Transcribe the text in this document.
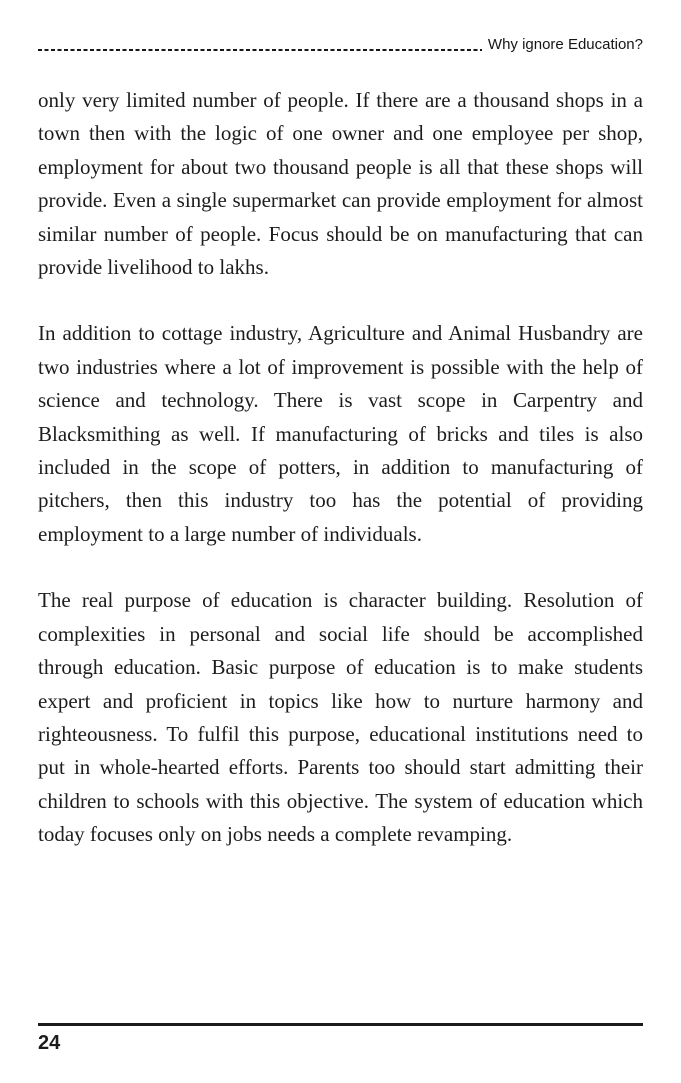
Why ignore Education?

only very limited number of people. If there are a thousand shops in a town then with the logic of one owner and one employee per shop, employment for about two thousand people is all that these shops will provide. Even a single supermarket can provide employment for almost similar number of people. Focus should be on manufacturing that can provide livelihood to lakhs.

In addition to cottage industry, Agriculture and Animal Husbandry are two industries where a lot of improvement is possible with the help of science and technology. There is vast scope in Carpentry and Blacksmithing as well. If manufacturing of bricks and tiles is also included in the scope of potters, in addition to manufacturing of pitchers, then this industry too has the potential of providing employment to a large number of individuals.

The real purpose of education is character building. Resolution of complexities in personal and social life should be accomplished through education. Basic purpose of education is to make students expert and proficient in topics like how to nurture harmony and righteousness. To fulfil this purpose, educational institutions need to put in whole-hearted efforts. Parents too should start admitting their children to schools with this objective. The system of education which today focuses only on jobs needs a complete revamping.

24
